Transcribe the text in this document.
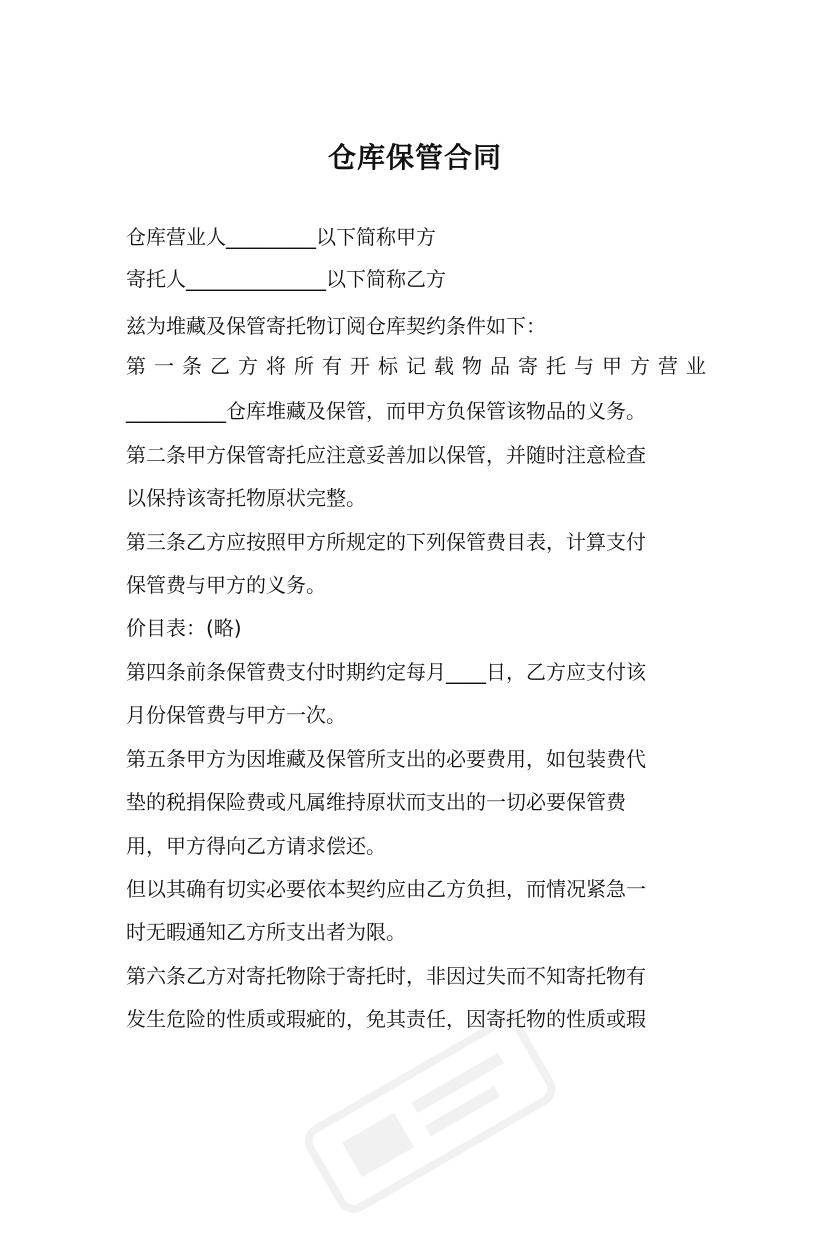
仓库保管合同
仓库营业人_________以下简称甲方
寄托人______________以下简称乙方
兹为堆藏及保管寄托物订阅仓库契约条件如下：
第 一 条 乙 方 将 所 有 开 标 记 载 物 品 寄 托 与 甲 方 营 业
__________仓库堆藏及保管，而甲方负保管该物品的义务。
第二条甲方保管寄托应注意妥善加以保管，并随时注意检查
以保持该寄托物原状完整。
第三条乙方应按照甲方所规定的下列保管费目表，计算支付
保管费与甲方的义务。
价目表：(略)
第四条前条保管费支付时期约定每月____日，乙方应支付该
月份保管费与甲方一次。
第五条甲方为因堆藏及保管所支出的必要费用，如包装费代
垫的税捐保险费或凡属维持原状而支出的一切必要保管费
用，甲方得向乙方请求偿还。
但以其确有切实必要依本契约应由乙方负担，而情况紧急一
时无暇通知乙方所支出者为限。
第六条乙方对寄托物除于寄托时，非因过失而不知寄托物有
发生危险的性质或瑕疵的，免其责任，因寄托物的性质或瑕
